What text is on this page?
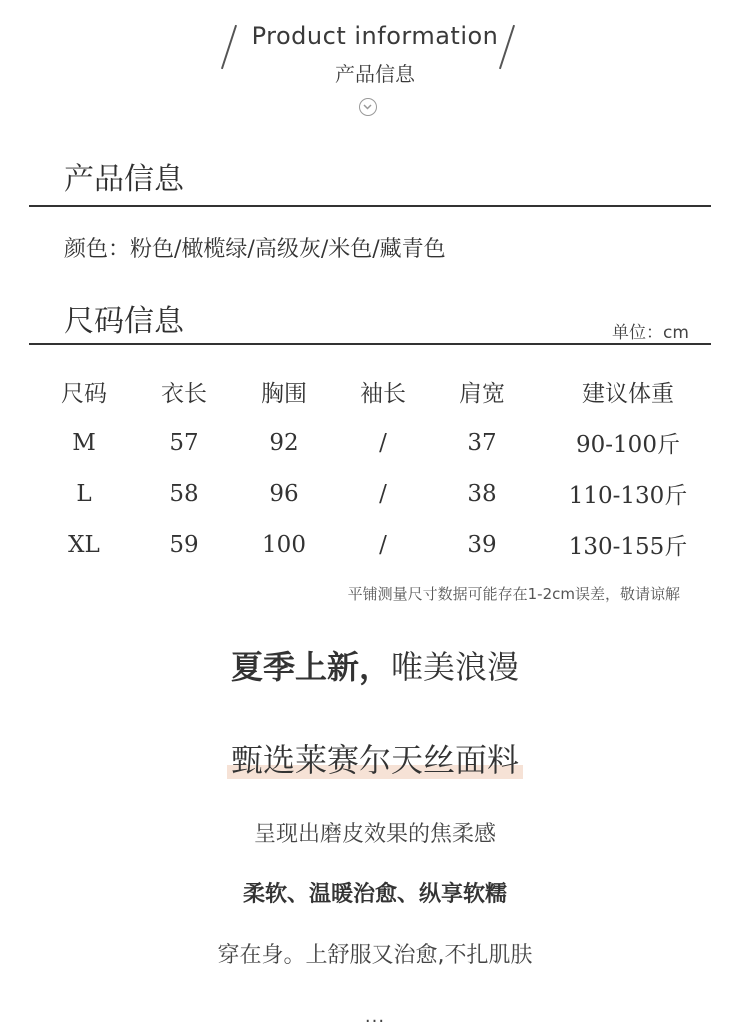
Product information
产品信息
产品信息
颜色：粉色/橄榄绿/高级灰/米色/藏青色
尺码信息	单位：cm
尺码	衣长	胸围	袖长	肩宽	建议体重
M	57	92	/	37	90-100斤
L	58	96	/	38	110-130斤
XL	59	100	/	39	130-155斤
平铺测量尺寸数据可能存在1-2cm误差，敬请谅解
夏季上新，唯美浪漫
甄选莱赛尔天丝面料
呈现出磨皮效果的焦柔感
柔软、温暖治愈、纵享软糯
穿在身。上舒服又治愈,不扎肌肤
...
